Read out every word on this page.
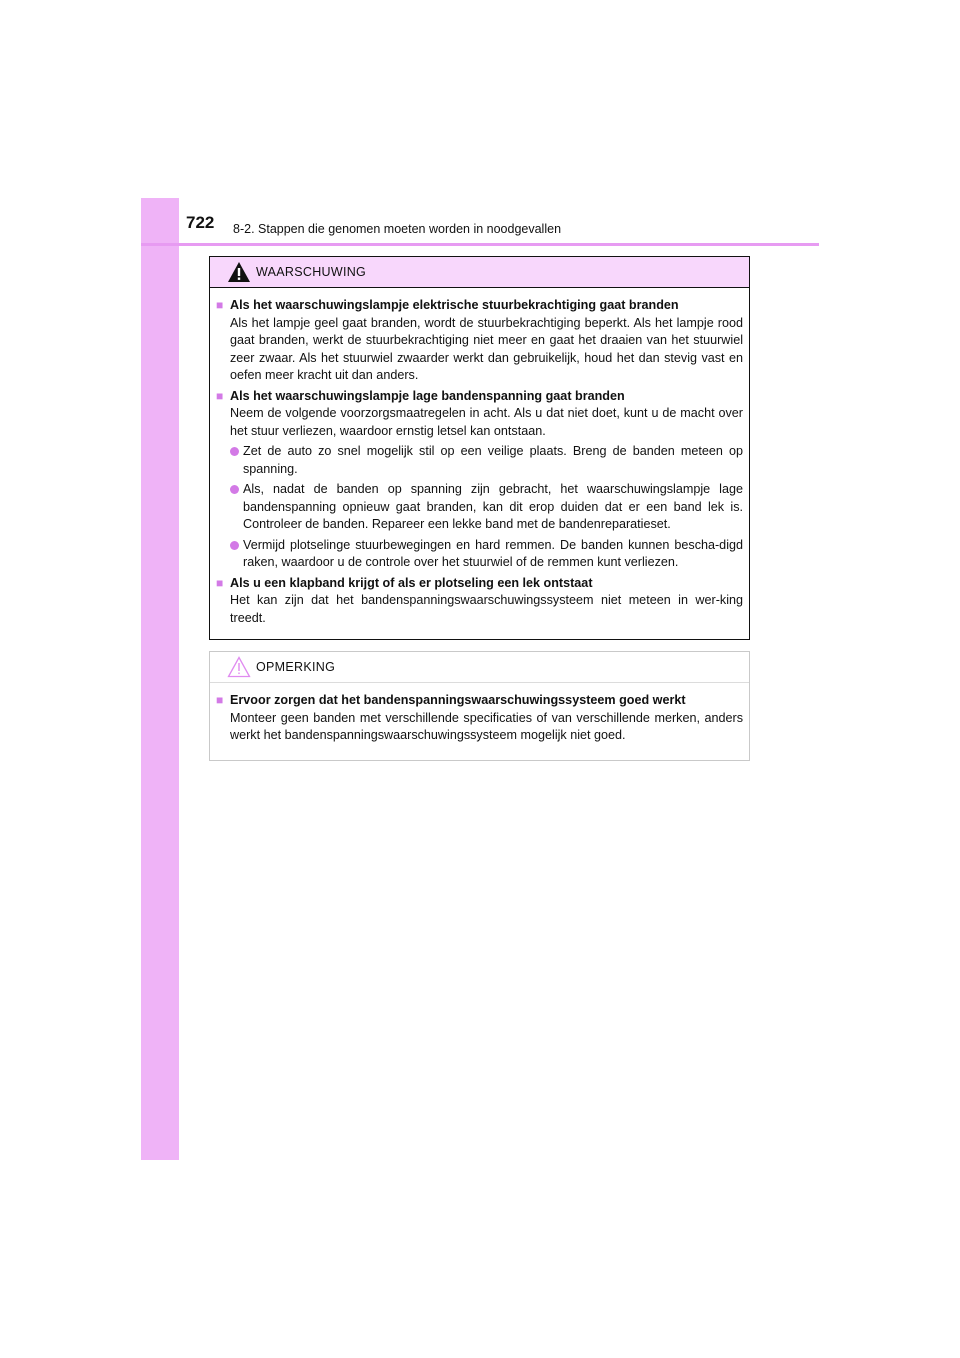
722 8-2. Stappen die genomen moeten worden in noodgevallen
WAARSCHUWING
■ Als het waarschuwingslampje elektrische stuurbekrachtiging gaat branden
Als het lampje geel gaat branden, wordt de stuurbekrachtiging beperkt. Als het lampje rood gaat branden, werkt de stuurbekrachtiging niet meer en gaat het draaien van het stuurwiel zeer zwaar. Als het stuurwiel zwaarder werkt dan gebruikelijk, houd het dan stevig vast en oefen meer kracht uit dan anders.
■ Als het waarschuwingslampje lage bandenspanning gaat branden
Neem de volgende voorzorgsmaatregelen in acht. Als u dat niet doet, kunt u de macht over het stuur verliezen, waardoor ernstig letsel kan ontstaan.
Zet de auto zo snel mogelijk stil op een veilige plaats. Breng de banden meteen op spanning.
Als, nadat de banden op spanning zijn gebracht, het waarschuwingslampje lage bandenspanning opnieuw gaat branden, kan dit erop duiden dat er een band lek is. Controleer de banden. Repareer een lekke band met de bandenreparatieset.
Vermijd plotselinge stuurbewegingen en hard remmen. De banden kunnen bescha-digd raken, waardoor u de controle over het stuurwiel of de remmen kunt verliezen.
■ Als u een klapband krijgt of als er plotseling een lek ontstaat
Het kan zijn dat het bandenspanningswaarschuwingssysteem niet meteen in wer-king treedt.
OPMERKING
■ Ervoor zorgen dat het bandenspanningswaarschuwingssysteem goed werkt
Monteer geen banden met verschillende specificaties of van verschillende merken, anders werkt het bandenspanningswaarschuwingssysteem mogelijk niet goed.
